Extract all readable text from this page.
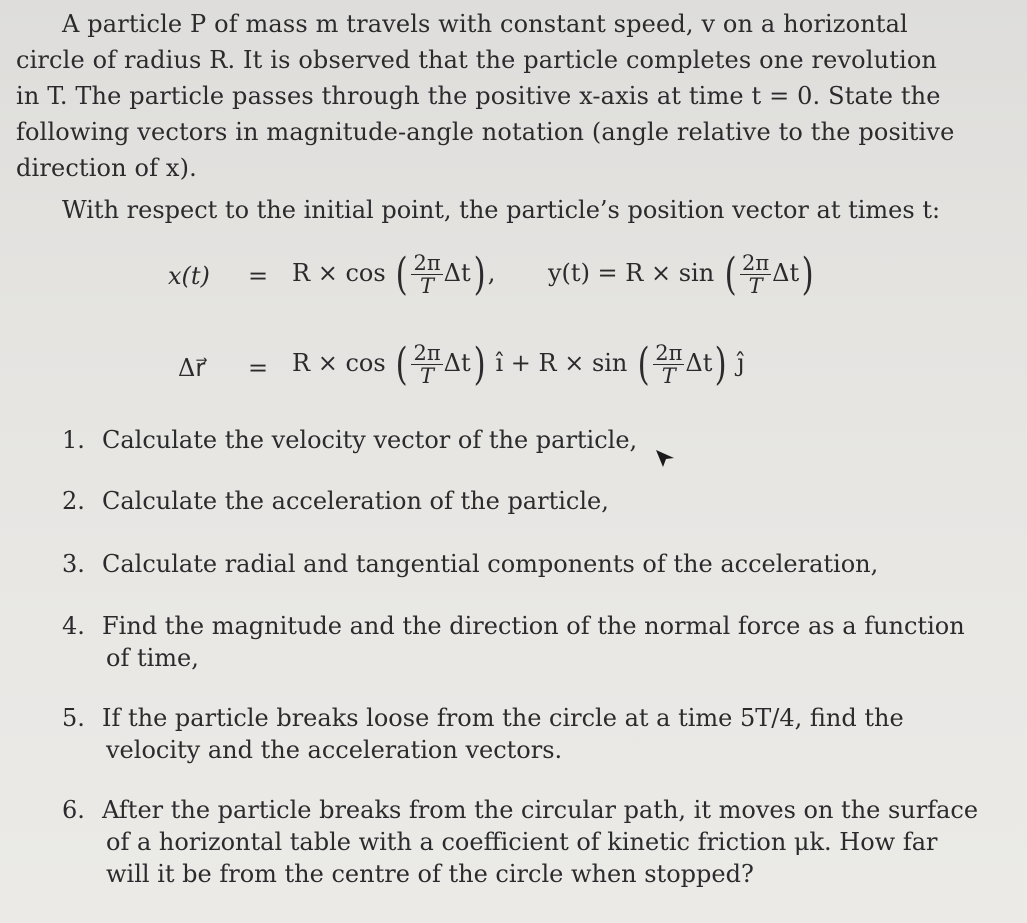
A particle P of mass m travels with constant speed, v on a horizontal
circle of radius R. It is observed that the particle completes one revolution
in T. The particle passes through the positive x-axis at time t = 0. State the
following vectors in magnitude-angle notation (angle relative to the positive
direction of x).
With respect to the initial point, the particle’s position vector at times t:
x(t) = R × cos ( $\frac{2\pi}{T} \Delta t$) , y(t) = R × sin ( $\frac{2\pi}{T} \Delta t$)
Δr⃗ = R × cos ( $\frac{2\pi}{T} \Delta t$) î + R × sin ( $\frac{2\pi}{T} \Delta t$) ĵ
1. Calculate the velocity vector of the particle,
2. Calculate the acceleration of the particle,
3. Calculate radial and tangential components of the acceleration,
4. Find the magnitude and the direction of the normal force as a function
of time,
5. If the particle breaks loose from the circle at a time 5T/4, find the
velocity and the acceleration vectors.
6. After the particle breaks from the circular path, it moves on the surface
of a horizontal table with a coefficient of kinetic friction μk. How far
will it be from the centre of the circle when stopped?
